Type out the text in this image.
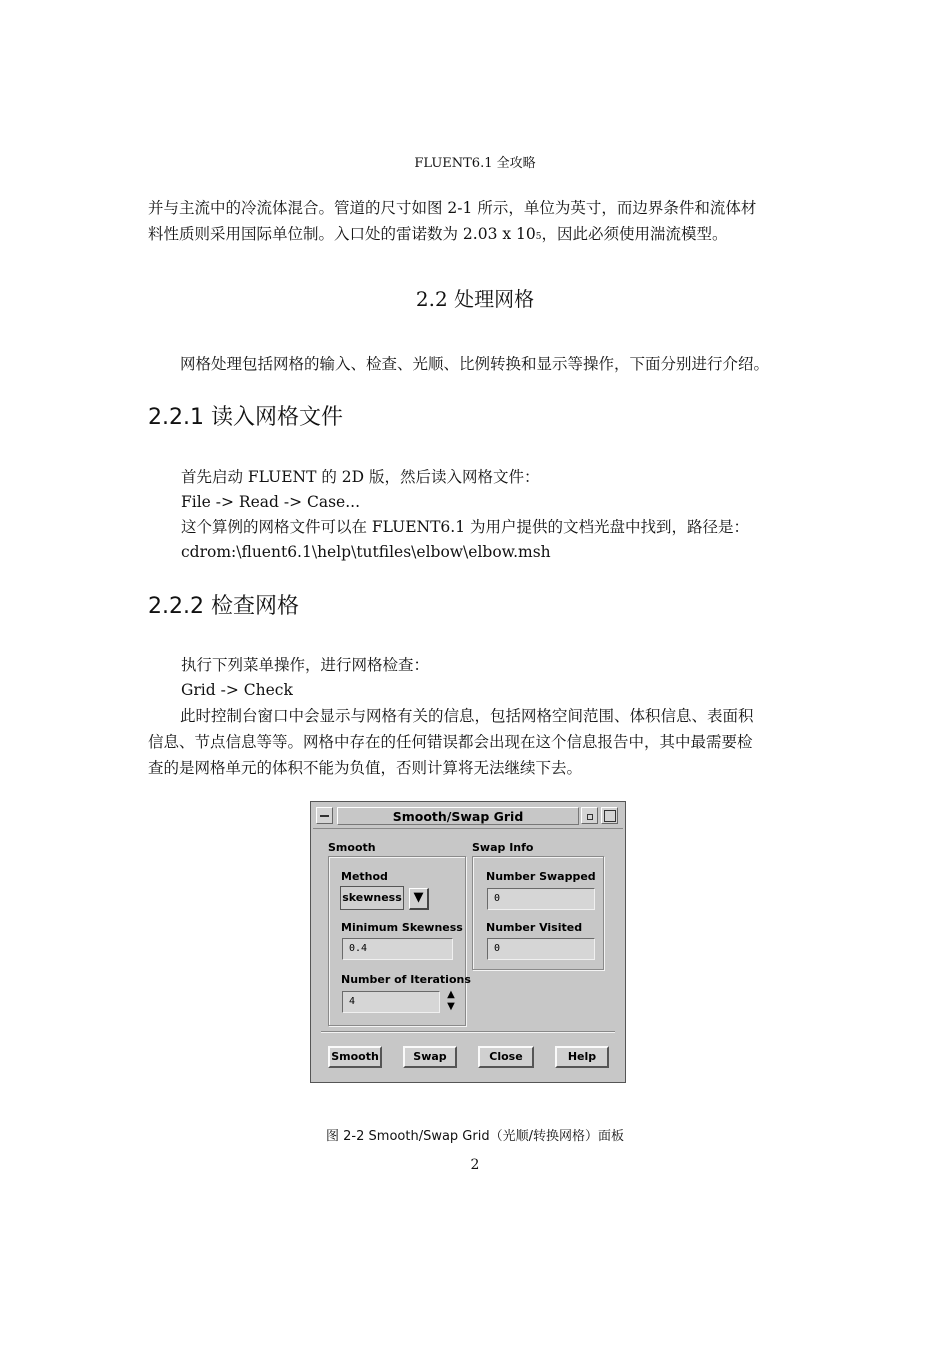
FLUENT6.1 全攻略
并与主流中的冷流体混合。管道的尺寸如图 2-1 所示，单位为英寸，而边界条件和流体材
料性质则采用国际单位制。入口处的雷诺数为 2.03 x 105，因此必须使用湍流模型。
2.2 处理网格
网格处理包括网格的输入、检查、光顺、比例转换和显示等操作，下面分别进行介绍。
2.2.1 读入网格文件
首先启动 FLUENT 的 2D 版，然后读入网格文件：
File -> Read -> Case...
这个算例的网格文件可以在 FLUENT6.1 为用户提供的文档光盘中找到，路径是：
cdrom:\fluent6.1\help\tutfiles\elbow\elbow.msh
2.2.2 检查网格
执行下列菜单操作，进行网格检查：
Grid -> Check
此时控制台窗口中会显示与网格有关的信息，包括网格空间范围、体积信息、表面积
信息、节点信息等等。网格中存在的任何错误都会出现在这个信息报告中，其中最需要检
查的是网格单元的体积不能为负值，否则计算将无法继续下去。
Smooth/Swap Grid
Smooth
Method
skewness ▼
Minimum Skewness
0.4
Number of Iterations
4
▲
▼
Swap Info
Number Swapped
0
Number Visited
0
Smooth	Swap	Close	Help
图 2-2 Smooth/Swap Grid（光顺/转换网格）面板
2
